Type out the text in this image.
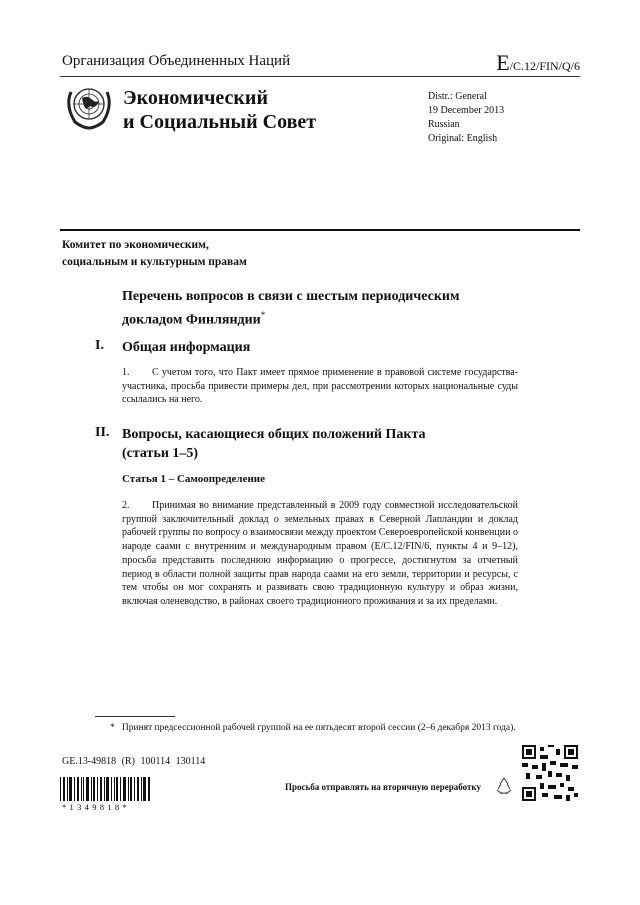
Организация Объединенных Наций	E/C.12/FIN/Q/6
Экономический
и Социальный Совет
Distr.: General
19 December 2013
Russian
Original: English
Комитет по экономическим,
социальным и культурным правам
Перечень вопросов в связи с шестым периодическим
докладом Финляндии*
I. Общая информация
1. С учетом того, что Пакт имеет прямое применение в правовой системе государства-участника, просьба привести примеры дел, при рассмотрении которых национальные суды ссылались на него.
II. Вопросы, касающиеся общих положений Пакта
(статьи 1–5)
Статья 1 – Самоопределение
2. Принимая во внимание представленный в 2009 году совместной исследовательской группой заключительный доклад о земельных правах в Северной Лапландии и доклад рабочей группы по вопросу о взаимосвязи между проектом Североевропейской конвенции о народе саами с внутренним и международным правом (E/C.12/FIN/6, пункты 4 и 9–12), просьба представить последнюю информацию о прогрессе, достигнутом за отчетный период в области полной защиты прав народа саами на его земли, территории и ресурсы, с тем чтобы он мог сохранять и развивать свою традиционную культуру и образ жизни, включая оленеводство, в районах своего традиционного проживания и за их пределами.
* Принят предсессионной рабочей группой на ее пятьдесят второй сессии (2–6 декабря 2013 года).
GE.13-49818 (R) 100114 130114
*1349818*
Просьба отправлять на вторичную переработку
